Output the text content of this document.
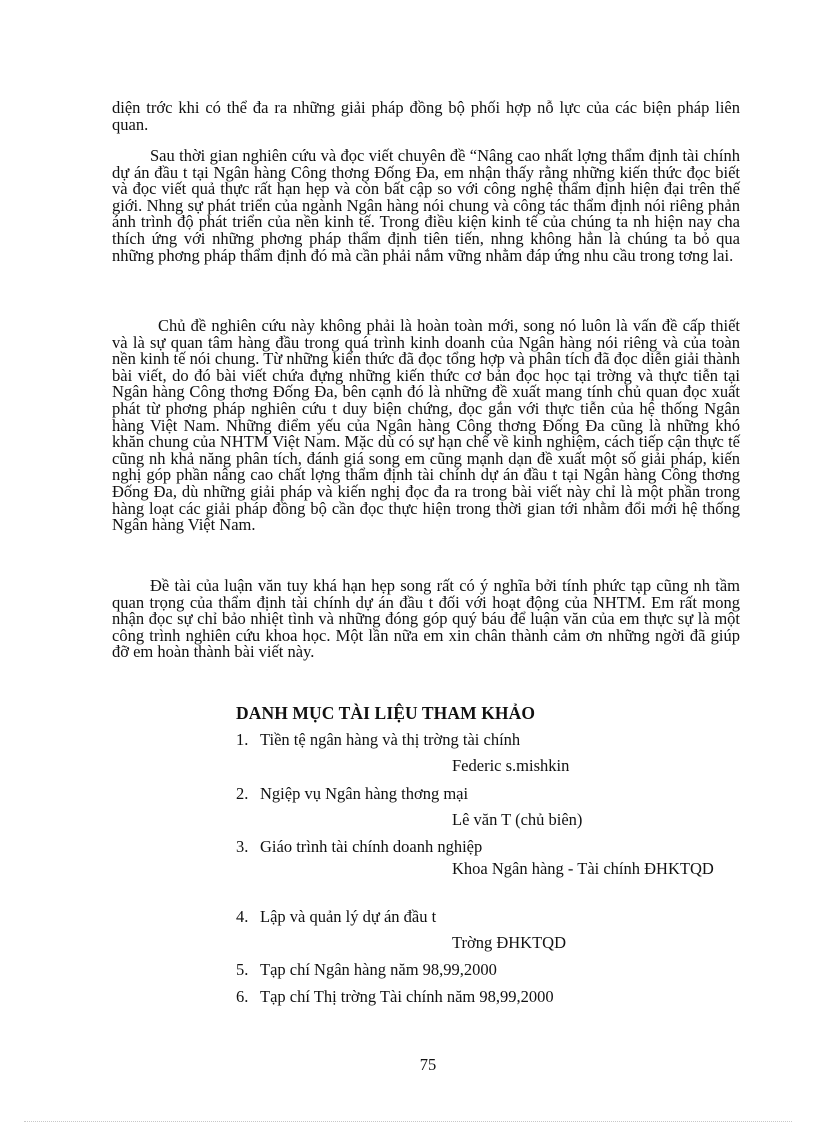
diện trớc khi có thể đa ra những giải pháp đồng bộ phối hợp nỗ lực của các biện pháp liên quan.

Sau thời gian nghiên cứu và đọc viết chuyên đề “Nâng cao nhất lợng thẩm định tài chính dự án đầu t tại Ngân hàng Công thơng Đống Đa, em nhận thấy rằng những kiến thức đọc biết và đọc viết quả thực rất hạn hẹp và còn bất cập so với công nghệ thẩm định hiện đại trên thế giới. Nhng sự phát triển của ngành Ngân hàng nói chung và công tác thẩm định nói riêng phản ánh trình độ phát triển của nền kinh tế. Trong điều kiện kinh tế của chúng ta nh hiện nay cha thích ứng với những phơng pháp thẩm định tiên tiến, nhng không hẳn là chúng ta bỏ qua những phơng pháp thẩm định đó mà cần phải nắm vững nhằm đáp ứng nhu cầu trong tơng lai.

Chủ đề nghiên cứu này không phải là hoàn toàn mới, song nó luôn là vấn đề cấp thiết và là sự quan tâm hàng đầu trong quá trình kinh doanh của Ngân hàng nói riêng và của toàn nền kinh tế nói chung. Từ những kiến thức đã đọc tổng hợp và phân tích đã đọc diễn giải thành bài viết, do đó bài viết chứa đựng những kiến thức cơ bản đọc học tại trờng và thực tiễn tại Ngân hàng Công thơng Đống Đa, bên cạnh đó là những đề xuất mang tính chủ quan đọc xuất phát từ phơng pháp nghiên cứu t duy biện chứng, đọc gắn với thực tiễn của hệ thống Ngân hàng Việt Nam. Những điểm yếu của Ngân hàng Công thơng Đống Đa cũng là những khó khăn chung của NHTM Việt Nam. Mặc dù có sự hạn chế về kinh nghiệm, cách tiếp cận thực tế cũng nh khả năng phân tích, đánh giá song em cũng mạnh dạn đề xuất một số giải pháp, kiến nghị góp phần nâng cao chất lợng thẩm định tài chính dự án đầu t tại Ngân hàng Công thơng Đống Đa, dù những giải pháp và kiến nghị đọc đa ra trong bài viết này chỉ là một phần trong hàng loạt các giải pháp đồng bộ cần đọc thực hiện trong thời gian tới nhằm đổi mới hệ thống Ngân hàng Việt Nam.

Đề tài của luận văn tuy khá hạn hẹp song rất có ý nghĩa bởi tính phức tạp cũng nh tầm quan trọng của thẩm định tài chính dự án đầu t đối với hoạt động của NHTM. Em rất mong nhận đọc sự chỉ bảo nhiệt tình và những đóng góp quý báu để luận văn của em thực sự là một công trình nghiên cứu khoa học. Một lần nữa em xin chân thành cảm ơn những ngời đã giúp đỡ em hoàn thành bài viết này.

DANH MỤC TÀI LIỆU THAM KHẢO

1. Tiền tệ ngân hàng và thị trờng tài chính

Federic s.mishkin

2. Ngiệp vụ Ngân hàng thơng mại

Lê văn T (chủ biên)

3. Giáo trình tài chính doanh nghiệp

Khoa Ngân hàng - Tài chính ĐHKTQD

4. Lập và quản lý dự án đầu t

Trờng ĐHKTQD

5. Tạp chí Ngân hàng năm 98,99,2000

6. Tạp chí Thị trờng Tài chính năm 98,99,2000

75
